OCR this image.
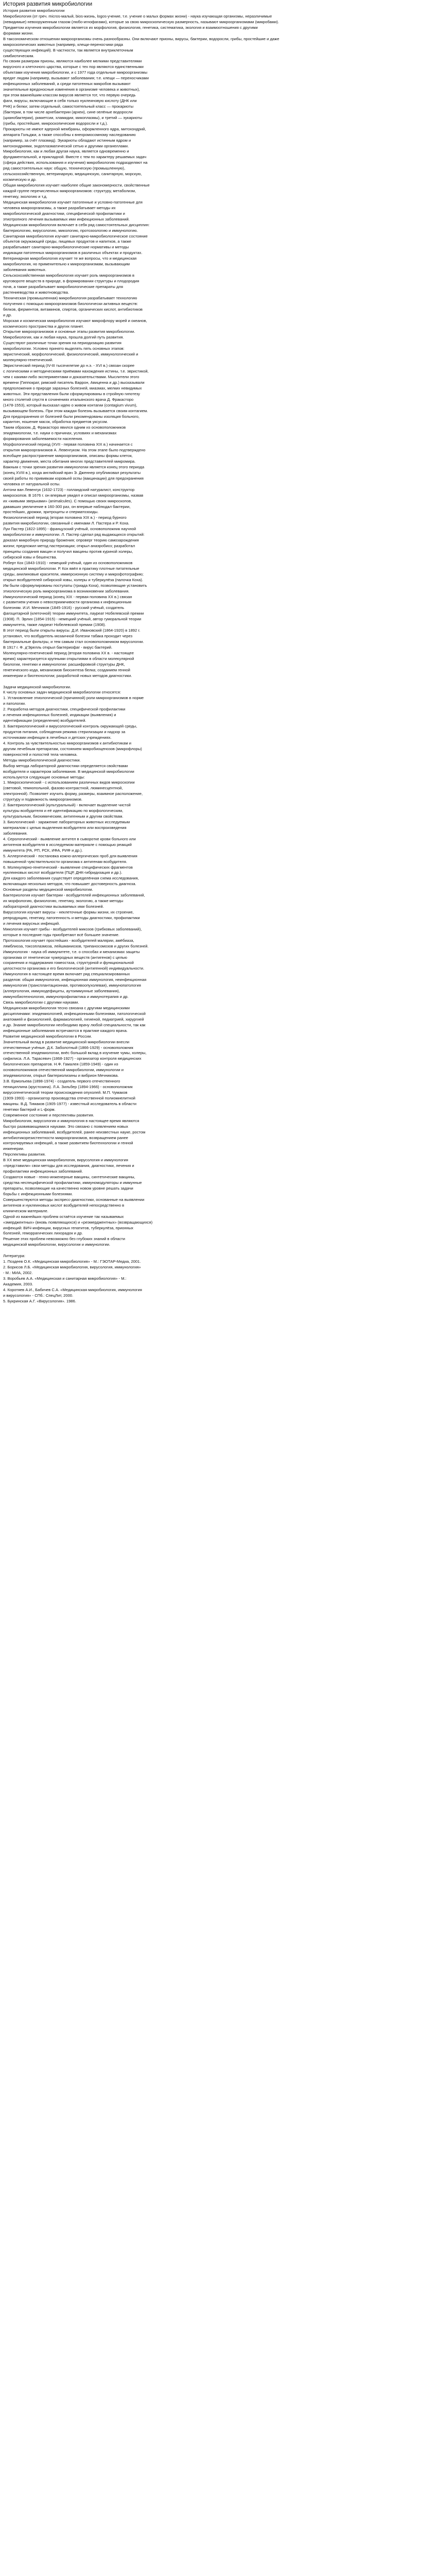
История развития микробиологии
История развития микробиологии
Микробиология (от греч. micros-малый, bios-жизнь, logos-учение, т.е. учение о малых формах жизни) - наука изучающая организмы, неразличимые
(невидимые) невооруженным глазом (любо-игнофагами), которые за свою микроскопическую размерность, называют микроорганизмами (микробами).
Предметом изучения микробиологии является их морфология, физиология, генетика, систематика, экология и взаимоотношения с другими
формами жизни.
В таксономическом отношении микроорганизмы очень разнообразны. Они включают прионы, вирусы, бактерии, водоросли, грибы, простейшие и даже
микроскопических животных (например, клещи-переносчики ряда
существующих инфекций). В частности, так является внутриклеточным
симбиотическим.
По своим размерам прионы, являются наиболее мелкими представителями
вирусного и клеточного царства, которые с тех пор являются единственными
объектами изучения микробиологии, и с 1977 года отдельные микроорганизмы
вредят людям (например, вызывают заболевания; т.е. клещи — переносчиками
инфекционных заболеваний, а среди патогенных микробов вызывают
значительные вредоносные изменения в организме человека и животных),
при этом важнейшим классом вирусов является тот, что первую очередь
фаги, вирусы, включающие в себя только нуклеиновую кислоту (ДНК или
РНК) и белки; затем отдельный, самостоятельный класс — прокариоты
(бактерии, в том числе архебактерии (археи), сине-зелёные водоросли
(цианобактерии), риккетсии, хламидии, микоплазмы), и третий — эукариоты
(грибы, простейшие, микроскопические водоросли и т.д.).
Прокариоты не имеют ядерной мембраны, оформленного ядра, митохондрий,
аппарата Гольджи, а также способны к внехромосомному наследованию
(например, за счёт плазмид). Эукариоты обладают истинным ядром и
митохондриями, эндоплазматической сетью и другими органеллами.
Микробиология, как и любая другая наука, является одновременно и
фундаментальной, и прикладной. Вместе с тем по характеру решаемых задач
(сфера действия, использования и изучения) микробиологию подразделяют на
ряд самостоятельных наук: общую, техническую (промышленную),
сельскохозяйственную, ветеринарную, медицинскую, санитарную, морскую,
космическую и др.
Общая микробиология изучает наиболее общие закономерности, свойственные
каждой группе перечисленных микроорганизмов: структуру, метаболизм,
генетику, экологию и т.д.
Медицинская микробиология изучает патогенные и условно-патогенные для
человека микроорганизмы, а также разрабатывает методы их
микробиологической диагностики, специфической профилактики и
этиотропного лечения вызываемых ими инфекционных заболеваний.
Медицинская микробиология включает в себя ряд самостоятельных дисциплин:
бактериологию, вирусологию, микологию, протозоологию и иммунологию.
Санитарная микробиология изучает санитарно-микробиологическое состояние
объектов окружающей среды, пищевых продуктов и напитков, а также
разрабатывает санитарно-микробиологические нормативы и методы
индикации патогенных микроорганизмов в различных объектах и продуктах.
Ветеринарная микробиология изучает те же вопросы, что и медицинская
микробиология, но применительно к микроорганизмам, вызывающим
заболевания животных.
Сельскохозяйственная микробиология изучает роль микроорганизмов в
круговороте веществ в природе, в формировании структуры и плодородия
почв, а также разрабатывает микробиологические препараты для
растениеводства и животноводства.
Техническая (промышленная) микробиология разрабатывает технологию
получения с помощью микроорганизмов биологически активных веществ:
белков, ферментов, витаминов, спиртов, органических кислот, антибиотиков
и др.
Морская и космическая микробиология изучают микрофлору морей и океанов,
космического пространства и других планет.
Открытие микроорганизмов и основные этапы развития микробиологии.
Микробиология, как и любая наука, прошла долгий путь развития.
Существуют различные точки зрения на периодизацию развития
микробиологии. Условно принято выделять пять основных этапов:
эвристический, морфологический, физиологический, иммунологический и
молекулярно-генетический.
Эвристический период (IV-III тысячелетие до н.э. - XVI в.) связан скорее
с логическими и методическими приёмами нахождения истины, т.е. эвристикой,
чем с какими-либо экспериментами и доказательствами. Мыслители этого
времени (Гиппократ, римский писатель Варрон, Авиценна и др.) высказывали
предположения о природе заразных болезней, миазмах, мелких невидимых
животных. Эти представления были сформулированы в стройную гипотезу
много столетий спустя в сочинениях итальянского врача Д. Фракасторо
(1478-1553), который высказал идею о живом контагии (contagium vivum),
вызывающем болезнь. При этом каждая болезнь вызывается своим контагием.
Для предохранения от болезней были рекомендованы изоляция больного,
карантин, ношение масок, обработка предметов уксусом.
Таким образом, Д. Фракасторо явился одним из основоположников
эпидемиологии, т.е. науки о причинах, условиях и механизмах
формирования заболеваемости населения.
Морфологический период (XVII - первая половина XIX в.) начинается с
открытия микроорганизмов А. Левенгуком. На этом этапе было подтверждено
всеобщее распространение микроорганизмов, описаны формы клеток,
характер движения, места обитания многих представителей микромира.
Важным с точки зрения развития иммунологии является конец этого периода
(конец XVIII в.), когда английский врач Э. Дженнер опубликовал результаты
своей работы по прививкам коровьей оспы (вакцинации) для предохранения
человека от натуральной оспы.
Антони ван Левенгук (1632-1723) - голландский натуралист, конструктор
микроскопов. В 1676 г. он впервые увидел и описал микроорганизмы, назвав
их «живыми зверьками» (animalcules). С помощью своих микроскопов,
дававших увеличение в 160-300 раз, он впервые наблюдал бактерии,
простейших, дрожжи, эритроциты и сперматозоиды.
Физиологический период (вторая половина XIX в.) - период бурного
развития микробиологии, связанный с именами Л. Пастера и Р. Коха.
Луи Пастер (1822-1895) - французский учёный, основоположник научной
микробиологии и иммунологии. Л. Пастер сделал ряд выдающихся открытий:
доказал микробную природу брожения; опроверг теорию самозарождения
жизни; предложил метод пастеризации; открыл анаэробиоз; разработал
принципы создания вакцин и получил вакцины против куриной холеры,
сибирской язвы и бешенства.
Роберт Кох (1843-1910) - немецкий учёный, один из основоположников
медицинской микробиологии. Р. Кох ввёл в практику плотные питательные
среды, анилиновые красители, иммерсионную систему и микрофотографию;
открыл возбудителей сибирской язвы, холеры и туберкулёза (палочка Коха).
Им были сформулированы постулаты (триада Коха), позволяющие установить
этиологическую роль микроорганизма в возникновении заболевания.
Иммунологический период (конец XIX - первая половина XX в.) связан
с развитием учения о невосприимчивости организма к инфекционным
болезням. И.И. Мечников (1845-1916) - русский учёный, создатель
фагоцитарной (клеточной) теории иммунитета, лауреат Нобелевской премии
(1908). П. Эрлих (1854-1915) - немецкий учёный, автор гуморальной теории
иммунитета, также лауреат Нобелевской премии (1908).
В этот период были открыты вирусы. Д.И. Ивановский (1864-1920) в 1892 г.
установил, что возбудитель мозаичной болезни табака проходит через
бактериальные фильтры, и тем самым стал основоположником вирусологии.
В 1917 г. Ф. д'Эрелль открыл бактериофаг - вирус бактерий.
Молекулярно-генетический период (вторая половина XX в. - настоящее
время) характеризуется крупными открытиями в области молекулярной
биологии, генетики и иммунологии: расшифровкой структуры ДНК,
генетического кода, механизмов биосинтеза белка; созданием генной
инженерии и биотехнологии; разработкой новых методов диагностики.
Задачи медицинской микробиологии.
К числу основных задач медицинской микробиологии относятся:
1. Установление этиологической (причинной) роли микроорганизмов в норме
и патологии.
2. Разработка методов диагностики, специфической профилактики
и лечения инфекционных болезней, индикации (выявления) и
идентификации (определения) возбудителей.
3. Бактериологический и вирусологический контроль окружающей среды,
продуктов питания, соблюдения режима стерилизации и надзор за
источниками инфекции в лечебных и детских учреждениях.
4. Контроль за чувствительностью микроорганизмов к антибиотикам и
другим лечебным препаратам, состоянием микробиоценозов (микрофлоры)
поверхностей и полостей тела человека.
Методы микробиологической диагностики.
Выбор метода лабораторной диагностики определяется свойствами
возбудителя и характером заболевания. В медицинской микробиологии
используются следующие основные методы:
1. Микроскопический - с использованием различных видов микроскопии
(световой, темнопольной, фазово-контрастной, люминесцентной,
электронной). Позволяет изучить форму, размеры, взаимное расположение,
структуру и подвижность микроорганизмов.
2. Бактериологический (культуральный) - включает выделение чистой
культуры возбудителя и её идентификацию по морфологическим,
культуральным, биохимическим, антигенным и другим свойствам.
3. Биологический - заражение лабораторных животных исследуемым
материалом с целью выделения возбудителя или воспроизведения
заболевания.
4. Серологический - выявление антител в сыворотке крови больного или
антигенов возбудителя в исследуемом материале с помощью реакций
иммунитета (РА, РП, РСК, ИФА, РИФ и др.).
5. Аллергический - постановка кожно-аллергических проб для выявления
повышенной чувствительности организма к антигенам возбудителя.
6. Молекулярно-генетический - выявление специфических фрагментов
нуклеиновых кислот возбудителя (ПЦР, ДНК-гибридизация и др.).
Для каждого заболевания существует определённая схема исследования,
включающая несколько методов, что повышает достоверность диагноза.
Основные разделы медицинской микробиологии.
Бактериология изучает бактерии - возбудителей инфекционных заболеваний,
их морфологию, физиологию, генетику, экологию, а также методы
лабораторной диагностики вызываемых ими болезней.
Вирусология изучает вирусы - неклеточные формы жизни, их строение,
репродукцию, генетику, патогенность и методы диагностики, профилактики
и лечения вирусных инфекций.
Микология изучает грибы - возбудителей микозов (грибковых заболеваний),
которые в последние годы приобретают всё большее значение.
Протозоология изучает простейших - возбудителей малярии, амёбиаза,
лямблиоза, токсоплазмоза, лейшманиозов, трипаносомозов и других болезней.
Иммунология - наука об иммунитете, т.е. о способах и механизмах защиты
организма от генетически чужеродных веществ (антигенов) с целью
сохранения и поддержания гомеостаза, структурной и функциональной
целостности организма и его биологической (антигенной) индивидуальности.
Иммунология в настоящее время включает ряд специализированных
разделов: общая иммунология, инфекционная иммунология, неинфекционная
иммунология (трансплантационная, противоопухолевая), иммунопатология
(аллергология, иммунодефициты, аутоиммунные заболевания),
иммунобиотехнология, иммунопрофилактика и иммунотерапия и др.
Связь микробиологии с другими науками.
Медицинская микробиология тесно связана с другими медицинскими
дисциплинами: эпидемиологией, инфекционными болезнями, патологической
анатомией и физиологией, фармакологией, гигиеной, педиатрией, хирургией
и др. Знание микробиологии необходимо врачу любой специальности, так как
инфекционные заболевания встречаются в практике каждого врача.
Развитие медицинской микробиологии в России.
Значительный вклад в развитие медицинской микробиологии внесли
отечественные учёные. Д.К. Заболотный (1866-1929) - основоположник
отечественной эпидемиологии, внёс большой вклад в изучение чумы, холеры,
сифилиса. Л.А. Тарасевич (1868-1927) - организатор контроля медицинских
биологических препаратов. Н.Ф. Гамалея (1859-1949) - один из
основоположников отечественной микробиологии, иммунологии и
эпидемиологии, открыл бактериолизины и вибрион Мечникова.
З.В. Ермольева (1898-1974) - создатель первого отечественного
пенициллина (крустозина). Л.А. Зильбер (1894-1966) - основоположник
вирусогенетической теории происхождения опухолей. М.П. Чумаков
(1909-1993) - организатор производства отечественной полиомиелитной
вакцины. В.Д. Тимаков (1905-1977) - известный исследователь в области
генетики бактерий и L-форм.
Современное состояние и перспективы развития.
Микробиология, вирусология и иммунология в настоящее время являются
быстро развивающимися науками. Это связано с появлением новых
инфекционных заболеваний, возбудителей, ранее неизвестных науке, ростом
антибиотикорезистентности микроорганизмов, возвращением ранее
контролируемых инфекций, а также развитием биотехнологии и генной
инженерии.
Перспективы развития.
В ХХ веке медицинская микробиология, вирусология и иммунология
«представили» свои методы для исследования, диагностики, лечения и
профилактики инфекционных заболеваний.
Создаются новые - генно-инженерные вакцины, синтетические вакцины,
средства неспецифической профилактики, иммуномодуляторы и иммунные
препараты, позволяющие на качественно новом уровне решать задачи
борьбы с инфекционными болезнями.
Совершенствуются методы экспресс-диагностики, основанные на выявлении
антигенов и нуклеиновых кислот возбудителей непосредственно в
клиническом материале.
Одной из важнейших проблем остаётся изучение так называемых
«эмерджентных» (вновь появляющихся) и «реэмерджентных» (возвращающихся)
инфекций: ВИЧ-инфекции, вирусных гепатитов, туберкулёза, прионных
болезней, геморрагических лихорадок и др.
Решение этих проблем невозможно без глубоких знаний в области
медицинской микробиологии, вирусологии и иммунологии.
Литература:
1. Поздеев О.К. «Медицинская микробиология» - М.: ГЭОТАР-Медиа, 2001.
2. Борисов Л.Б. «Медицинская микробиология, вирусология, иммунология»
- М.: МИА, 2002.
3. Воробьев А.А. «Медицинская и санитарная микробиология» - М.:
Академия, 2003.
4. Коротяев А.И., Бабичев С.А. «Медицинская микробиология, иммунология
и вирусология» - СПб.: СпецЛит, 2000.
5. Букринская А.Г. «Вирусология». 1986.
